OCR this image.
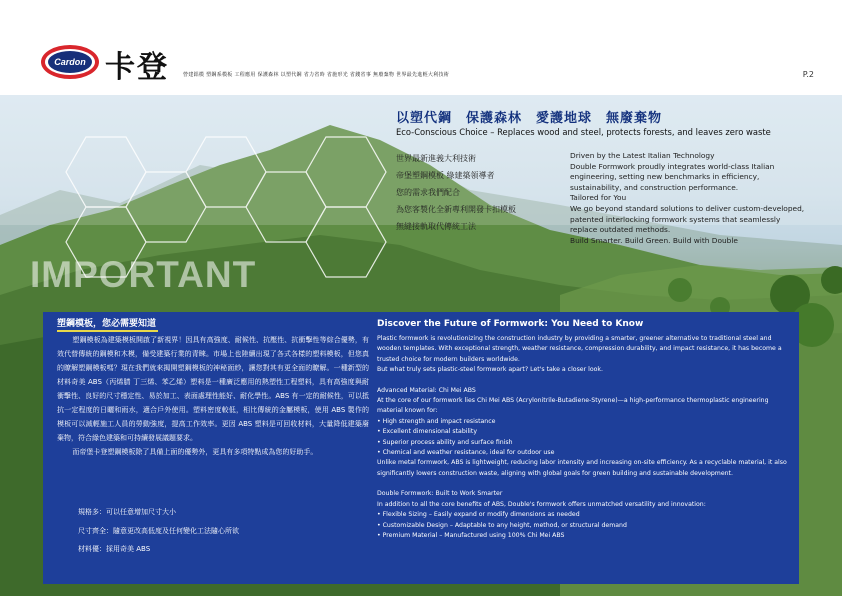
Cardon 卡登	營建鋁模 塑鋼系模板 工程應用 保護森林 以塑代鋼 省力省時 省施形光 省錢省事 無廢棄物 世界最先進輕大利技術	P.2
以塑代鋼　保護森林　愛護地球　無廢棄物
Eco-Conscious Choice – Replaces wood and steel, protects forests, and leaves zero waste
世界最新進義大利技術
帝堡塑鋼模板 綠建築領導者
您的需求我們配合
為您客製化全新專利開發卡扣模板
無縫接軌取代傳統工法
Driven by the Latest Italian Technology
Double Formwork proudly integrates world-class Italian engineering, setting new benchmarks in efficiency, sustainability, and construction performance.
Tailored for You
We go beyond standard solutions to deliver custom-developed, patented interlocking formwork systems that seamlessly replace outdated methods.
Build Smarter. Build Green. Build with Double
IMPORTANT
塑鋼模板，您必需要知道

塑鋼模板為建築模板開啟了新視界！因具有高強度、耐候性、抗壓性、抗衝擊性等綜合優勢，有效代替傳統的鋼模和木模，備受建築行業的青睞。市場上也陸續出現了各式各樣的塑料模板，但您真的瞭解塑鋼模板嗎？現在我們就來揭開塑鋼模板的神秘面紗，讓您對其有更全面的瞭解。一種新型的材料奇美 ABS（丙烯腈 丁三烯、苯乙烯）塑料是一種廣泛應用的熱塑性工程塑料，具有高強度與耐衝擊性、良好的尺寸穩定性、易於加工、表面處理性能好、耐化學性。ABS 有一定的耐候性，可以抵抗一定程度的日曬和雨水，適合戶外使用。塑料密度較低，相比傳統的金屬模板，使用 ABS 製作的模板可以減輕施工人員的勞動強度，提高工作效率。更因 ABS 塑料是可回收材料，大量降低建築廢棄物，符合綠色建築和可持續發展議題要求。

而帝堡卡登塑鋼模板除了具備上面的優勢外，更具有多項特點成為您的好助手。

規格多：可以任意增加尺寸大小
尺寸齊全：隨意更改高低度及任何變化工法隨心所欲
材料優：採用奇美 ABS
Discover the Future of Formwork: You Need to Know

Plastic formwork is revolutionizing the construction industry by providing a smarter, greener alternative to traditional steel and wooden templates. With exceptional strength, weather resistance, compression durability, and impact resistance, it has become a trusted choice for modern builders worldwide.

But what truly sets plastic-steel formwork apart? Let's take a closer look.

Advanced Material: Chi Mei ABS

At the core of our formwork lies Chi Mei ABS (Acrylonitrile-Butadiene-Styrene)—a high-performance thermoplastic engineering material known for:

• High strength and impact resistance

• Excellent dimensional stability

• Superior process ability and surface finish

• Chemical and weather resistance, ideal for outdoor use

Unlike metal formwork, ABS is lightweight, reducing labor intensity and increasing on-site efficiency. As a recyclable material, it also significantly lowers construction waste, aligning with global goals for green building and sustainable development.

Double Formwork: Built to Work Smarter

In addition to all the core benefits of ABS, Double's formwork offers unmatched versatility and innovation:

• Flexible Sizing – Easily expand or modify dimensions as needed

• Customizable Design – Adaptable to any height, method, or structural demand

• Premium Material – Manufactured using 100% Chi Mei ABS
